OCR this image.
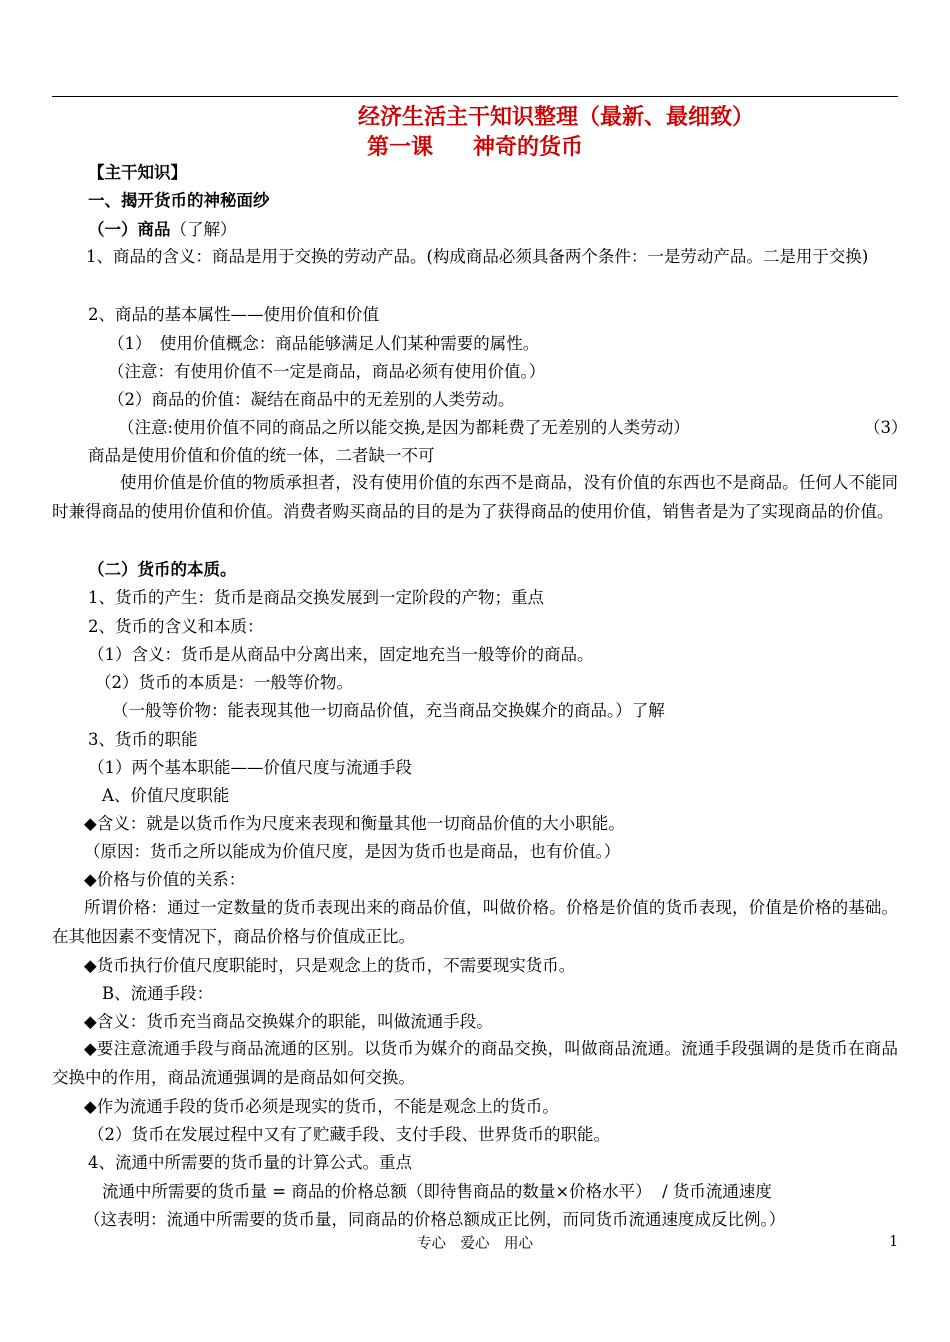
经济生活主干知识整理（最新、最细致）
第一课 神奇的货币
【主干知识】
一、揭开货币的神秘面纱
（一）商品（了解）
1、商品的含义：商品是用于交换的劳动产品。(构成商品必须具备两个条件：一是劳动产品。二是用于交换)
2、商品的基本属性——使用价值和价值
（1）　使用价值概念：商品能够满足人们某种需要的属性。
（注意：有使用价值不一定是商品，商品必须有使用价值。）
（2）商品的价值：凝结在商品中的无差别的人类劳动。
（注意:使用价值不同的商品之所以能交换,是因为都耗费了无差别的人类劳动）	（3）
商品是使用价值和价值的统一体，二者缺一不可
使用价值是价值的物质承担者，没有使用价值的东西不是商品，没有价值的东西也不是商品。任何人不能同时兼得商品的使用价值和价值。消费者购买商品的目的是为了获得商品的使用价值，销售者是为了实现商品的价值。
（二）货币的本质。
1、货币的产生：货币是商品交换发展到一定阶段的产物；重点
2、货币的含义和本质：
（1）含义：货币是从商品中分离出来，固定地充当一般等价的商品。
（2）货币的本质是：一般等价物。
（一般等价物：能表现其他一切商品价值，充当商品交换媒介的商品。）了解
3、货币的职能
（1）两个基本职能——价值尺度与流通手段
A、价值尺度职能
◆含义：就是以货币作为尺度来表现和衡量其他一切商品价值的大小职能。
（原因：货币之所以能成为价值尺度，是因为货币也是商品，也有价值。）
◆价格与价值的关系：
所谓价格：通过一定数量的货币表现出来的商品价值，叫做价格。价格是价值的货币表现，价值是价格的基础。在其他因素不变情况下，商品价格与价值成正比。
◆货币执行价值尺度职能时，只是观念上的货币，不需要现实货币。
B、流通手段：
◆含义：货币充当商品交换媒介的职能，叫做流通手段。
◆要注意流通手段与商品流通的区别。以货币为媒介的商品交换，叫做商品流通。流通手段强调的是货币在商品交换中的作用，商品流通强调的是商品如何交换。
◆作为流通手段的货币必须是现实的货币，不能是观念上的货币。
（2）货币在发展过程中又有了贮藏手段、支付手段、世界货币的职能。
4、流通中所需要的货币量的计算公式。重点
流通中所需要的货币量 = 商品的价格总额（即待售商品的数量×价格水平）  / 货币流通速度
（这表明：流通中所需要的货币量，同商品的价格总额成正比例，而同货币流通速度成反比例。）
专心　爱心　用心	1
